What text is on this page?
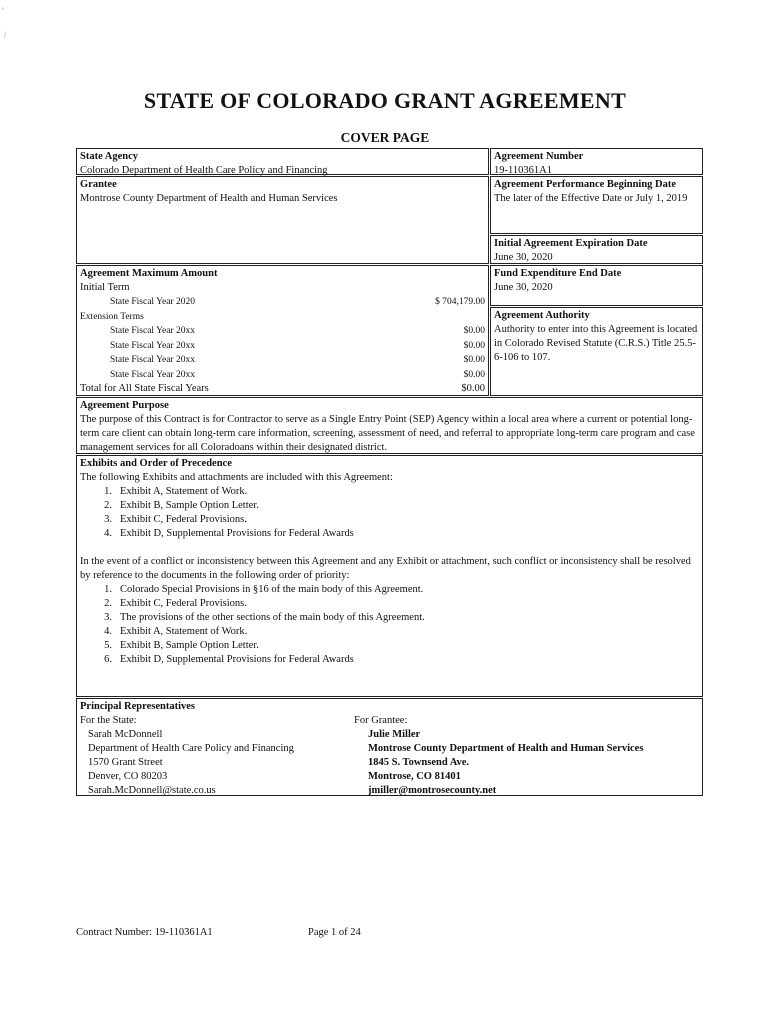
'
/
STATE OF COLORADO GRANT AGREEMENT
COVER PAGE
State Agency
Colorado Department of Health Care Policy and Financing
Agreement Number
19-110361A1
Grantee
Montrose County Department of Health and Human Services
Agreement Performance Beginning Date
The later of the Effective Date or July 1, 2019
Initial Agreement Expiration Date
June 30, 2020
Agreement Maximum Amount
Initial Term
State Fiscal Year 2020	$ 704,179.00
Extension Terms
State Fiscal Year 20xx	$0.00
State Fiscal Year 20xx	$0.00
State Fiscal Year 20xx	$0.00
State Fiscal Year 20xx	$0.00
Total for All State Fiscal Years	$0.00
Fund Expenditure End Date
June 30, 2020
Agreement Authority
Authority to enter into this Agreement is located in Colorado Revised Statute (C.R.S.) Title 25.5-6-106 to 107.
Agreement Purpose
The purpose of this Contract is for Contractor to serve as a Single Entry Point (SEP) Agency within a local area where a current or potential long-term care client can obtain long-term care information, screening, assessment of need, and referral to appropriate long-term care program and case management services for all Coloradoans within their designated district.
Exhibits and Order of Precedence
The following Exhibits and attachments are included with this Agreement:
1. Exhibit A, Statement of Work.
2. Exhibit B, Sample Option Letter.
3. Exhibit C, Federal Provisions.
4. Exhibit D, Supplemental Provisions for Federal Awards
In the event of a conflict or inconsistency between this Agreement and any Exhibit or attachment, such conflict or inconsistency shall be resolved by reference to the documents in the following order of priority:
1. Colorado Special Provisions in §16 of the main body of this Agreement.
2. Exhibit C, Federal Provisions.
3. The provisions of the other sections of the main body of this Agreement.
4. Exhibit A, Statement of Work.
5. Exhibit B, Sample Option Letter.
6. Exhibit D, Supplemental Provisions for Federal Awards
Principal Representatives
For the State:
Sarah McDonnell
Department of Health Care Policy and Financing
1570 Grant Street
Denver, CO 80203
Sarah.McDonnell@state.co.us
For Grantee:
Julie Miller
Montrose County Department of Health and Human Services
1845 S. Townsend Ave.
Montrose, CO 81401
jmiller@montrosecounty.net
Contract Number: 19-110361A1	Page 1 of 24
